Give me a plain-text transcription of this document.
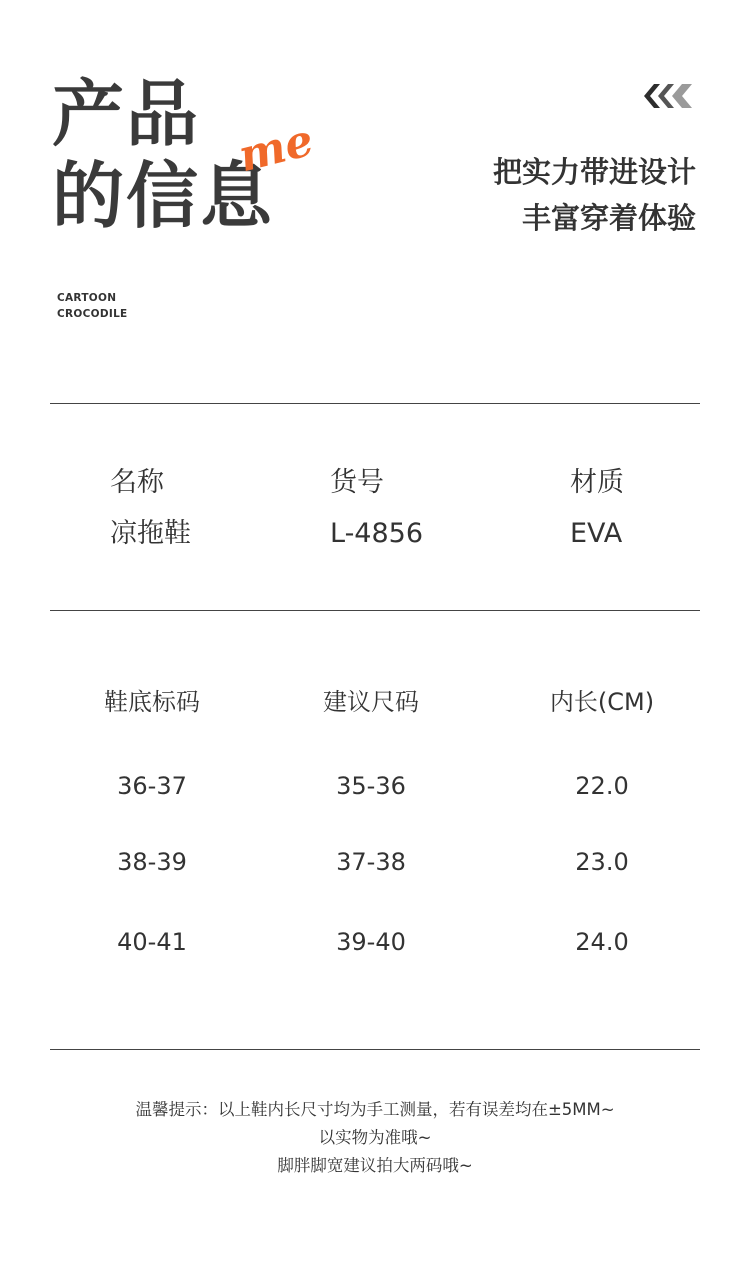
产品
的信息
me
CARTOON
CROCODILE
把实力带进设计
丰富穿着体验
名称	货号	材质
凉拖鞋	L-4856	EVA
鞋底标码	建议尺码	内长(CM)
36-37	35-36	22.0
38-39	37-38	23.0
40-41	39-40	24.0
温馨提示：以上鞋内长尺寸均为手工测量，若有误差均在±5MM~
以实物为准哦~
脚胖脚宽建议拍大两码哦~
